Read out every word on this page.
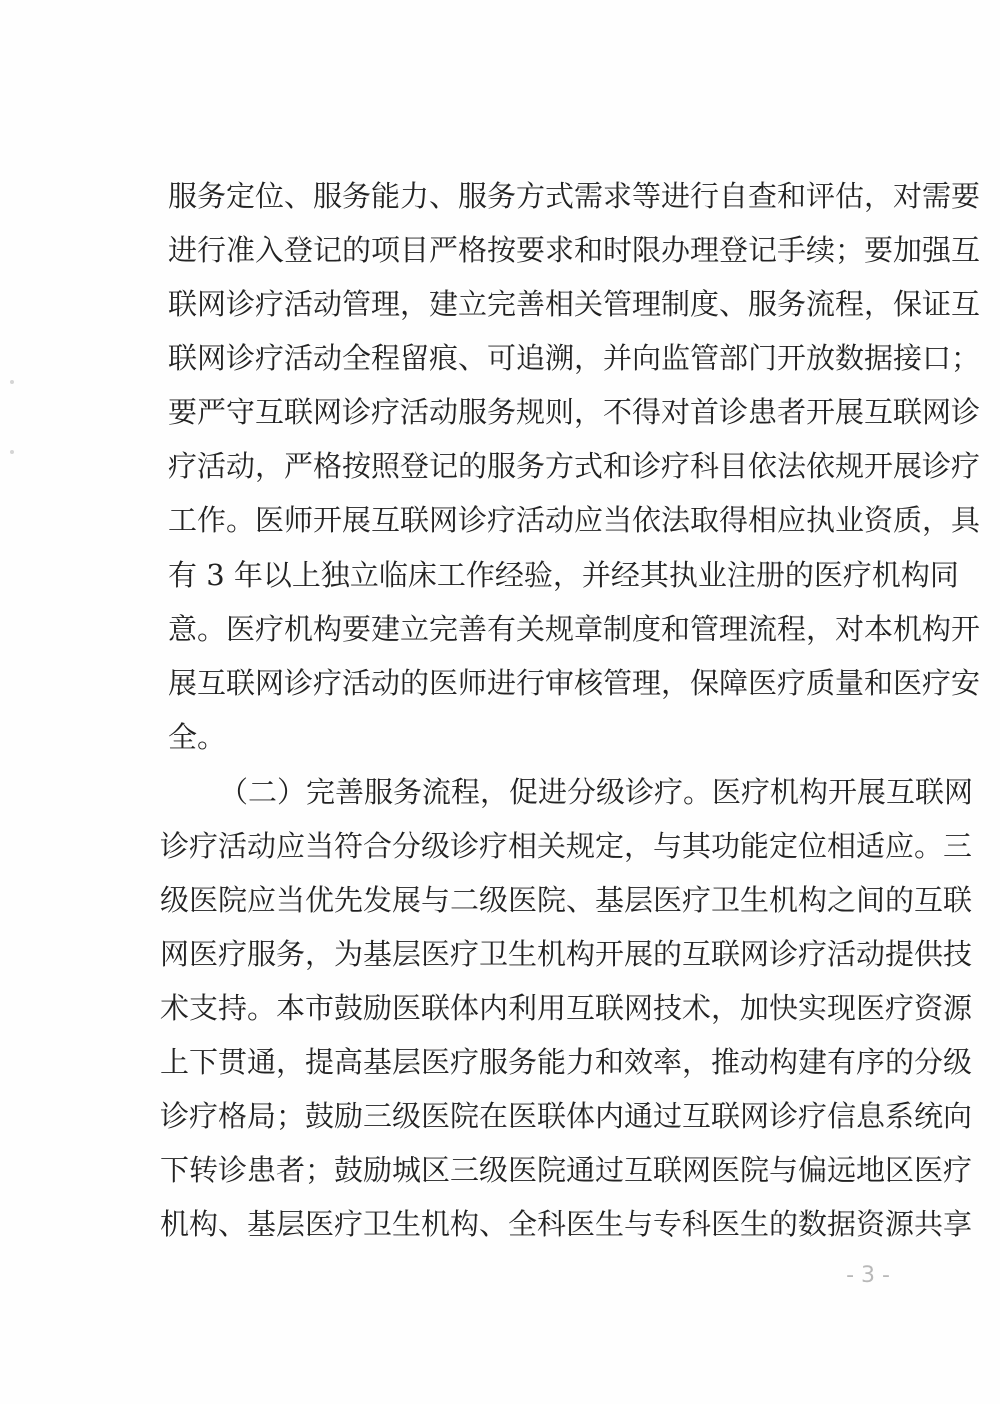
服务定位、服务能力、服务方式需求等进行自查和评估，对需要
进行准入登记的项目严格按要求和时限办理登记手续；要加强互
联网诊疗活动管理，建立完善相关管理制度、服务流程，保证互
联网诊疗活动全程留痕、可追溯，并向监管部门开放数据接口；
要严守互联网诊疗活动服务规则，不得对首诊患者开展互联网诊
疗活动，严格按照登记的服务方式和诊疗科目依法依规开展诊疗
工作。医师开展互联网诊疗活动应当依法取得相应执业资质，具
有 3 年以上独立临床工作经验，并经其执业注册的医疗机构同
意。医疗机构要建立完善有关规章制度和管理流程，对本机构开
展互联网诊疗活动的医师进行审核管理，保障医疗质量和医疗安
全。
（二）完善服务流程，促进分级诊疗。医疗机构开展互联网
诊疗活动应当符合分级诊疗相关规定，与其功能定位相适应。三
级医院应当优先发展与二级医院、基层医疗卫生机构之间的互联
网医疗服务，为基层医疗卫生机构开展的互联网诊疗活动提供技
术支持。本市鼓励医联体内利用互联网技术，加快实现医疗资源
上下贯通，提高基层医疗服务能力和效率，推动构建有序的分级
诊疗格局；鼓励三级医院在医联体内通过互联网诊疗信息系统向
下转诊患者；鼓励城区三级医院通过互联网医院与偏远地区医疗
机构、基层医疗卫生机构、全科医生与专科医生的数据资源共享
- 3 -
